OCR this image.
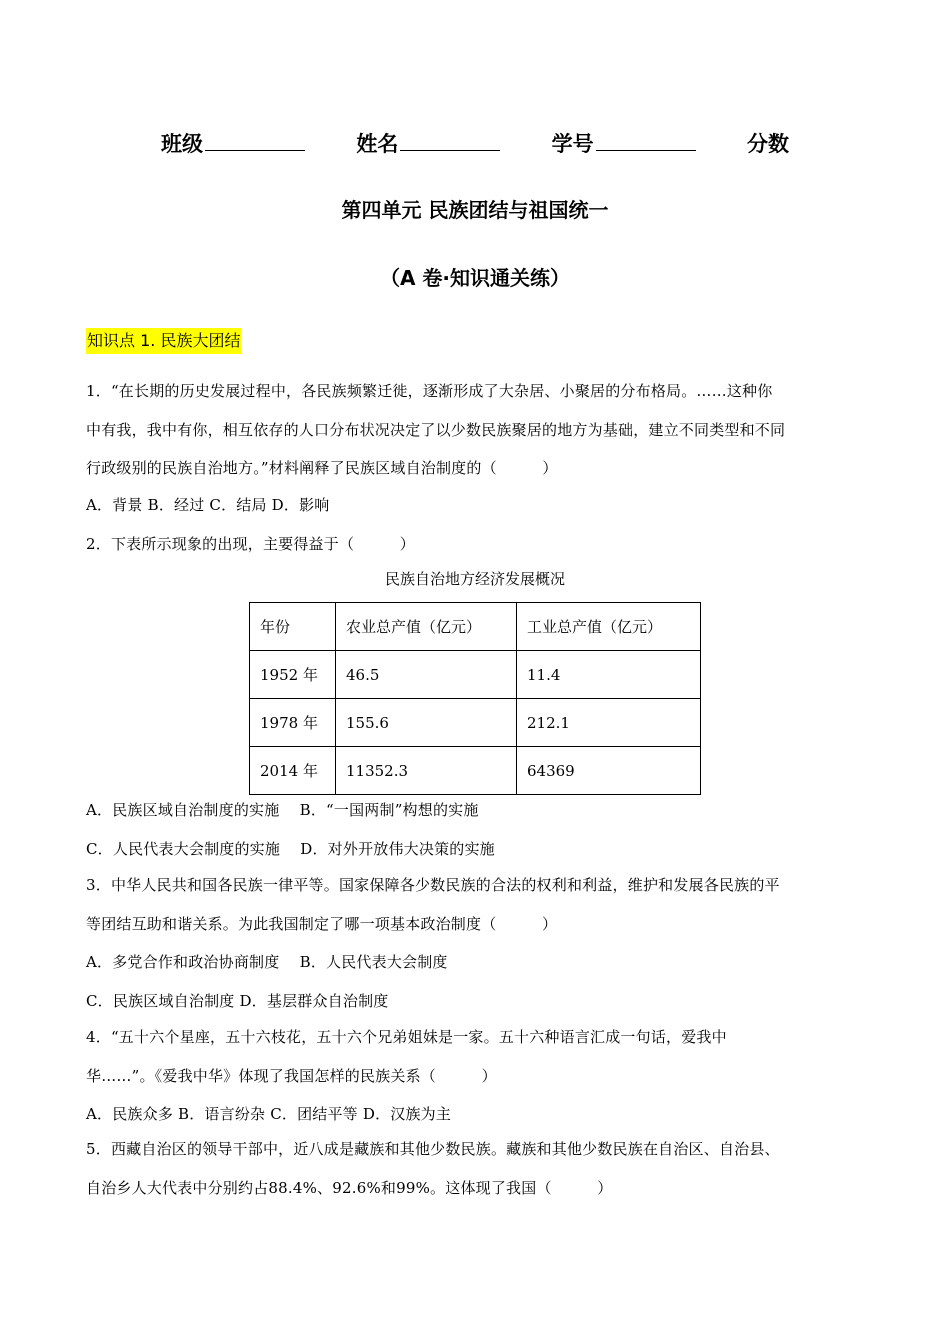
班级	姓名	学号	分数
第四单元 民族团结与祖国统一
（A 卷·知识通关练）
知识点 1. 民族大团结
1．“在长期的历史发展过程中，各民族频繁迁徙，逐渐形成了大杂居、小聚居的分布格局。……这种你
中有我，我中有你，相互依存的人口分布状况决定了以少数民族聚居的地方为基础，建立不同类型和不同
行政级别的民族自治地方。”材料阐释了民族区域自治制度的（　　　）
A．背景 B．经过 C．结局 D．影响
2．下表所示现象的出现，主要得益于（　　　）
民族自治地方经济发展概况
年份	农业总产值（亿元）	工业总产值（亿元）
1952 年	46.5	11.4
1978 年	155.6	212.1
2014 年	11352.3	64369
A．民族区域自治制度的实施　 B．“一国两制”构想的实施
C．人民代表大会制度的实施　 D．对外开放伟大决策的实施
3．中华人民共和国各民族一律平等。国家保障各少数民族的合法的权利和利益，维护和发展各民族的平
等团结互助和谐关系。为此我国制定了哪一项基本政治制度（　　　）
A．多党合作和政治协商制度　 B．人民代表大会制度
C．民族区域自治制度 D．基层群众自治制度
4．“五十六个星座，五十六枝花，五十六个兄弟姐妹是一家。五十六种语言汇成一句话，爱我中
华……”。《爱我中华》体现了我国怎样的民族关系（　　　）
A．民族众多 B．语言纷杂 C．团结平等 D．汉族为主
5．西藏自治区的领导干部中，近八成是藏族和其他少数民族。藏族和其他少数民族在自治区、自治县、
自治乡人大代表中分别约占88.4%、92.6%和99%。这体现了我国（　　　）
